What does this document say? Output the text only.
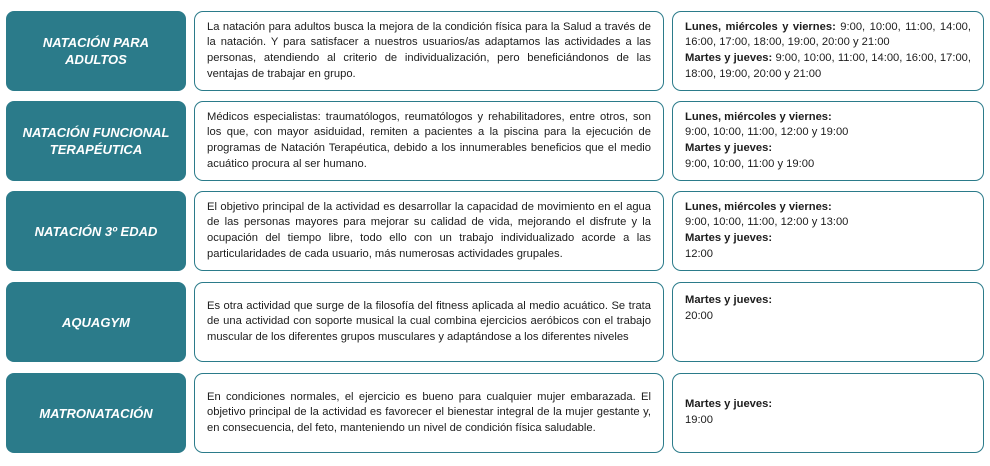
NATACIÓN PARA ADULTOS
La natación para adultos busca la mejora de la condición física para la Salud a través de la natación. Y para satisfacer a nuestros usuarios/as adaptamos las actividades a las personas, atendiendo al criterio de individualización, pero beneficiándonos de las ventajas de trabajar en grupo.
Lunes, miércoles y viernes: 9:00, 10:00, 11:00, 14:00, 16:00, 17:00, 18:00, 19:00, 20:00 y 21:00
Martes y jueves: 9:00, 10:00, 11:00, 14:00, 16:00, 17:00, 18:00, 19:00, 20:00 y 21:00
NATACIÓN FUNCIONAL TERAPÉUTICA
Médicos especialistas: traumatólogos, reumatólogos y rehabilitadores, entre otros, son los que, con mayor asiduidad, remiten a pacientes a la piscina para la ejecución de programas de Natación Terapéutica, debido a los innumerables beneficios que el medio acuático procura al ser humano.
Lunes, miércoles y viernes:
9:00, 10:00, 11:00, 12:00 y 19:00
Martes y jueves:
9:00, 10:00, 11:00 y 19:00
NATACIÓN 3º EDAD
El objetivo principal de la actividad es desarrollar la capacidad de movimiento en el agua de las personas mayores para mejorar su calidad de vida, mejorando el disfrute y la ocupación del tiempo libre, todo ello con un trabajo individualizado acorde a las particularidades de cada usuario, más numerosas actividades grupales.
Lunes, miércoles y viernes:
9:00, 10:00, 11:00, 12:00 y 13:00
Martes y jueves:
12:00
AQUAGYM
Es otra actividad que surge de la filosofía del fitness aplicada al medio acuático. Se trata de una actividad con soporte musical la cual combina ejercicios aeróbicos con el trabajo muscular de los diferentes grupos musculares y adaptándose a los diferentes niveles
Martes y jueves:
20:00
MATRONATACIÓN
En condiciones normales, el ejercicio es bueno para cualquier mujer embarazada. El objetivo principal de la actividad es favorecer el bienestar integral de la mujer gestante y, en consecuencia, del feto, manteniendo un nivel de condición física saludable.
Martes y jueves:
19:00
